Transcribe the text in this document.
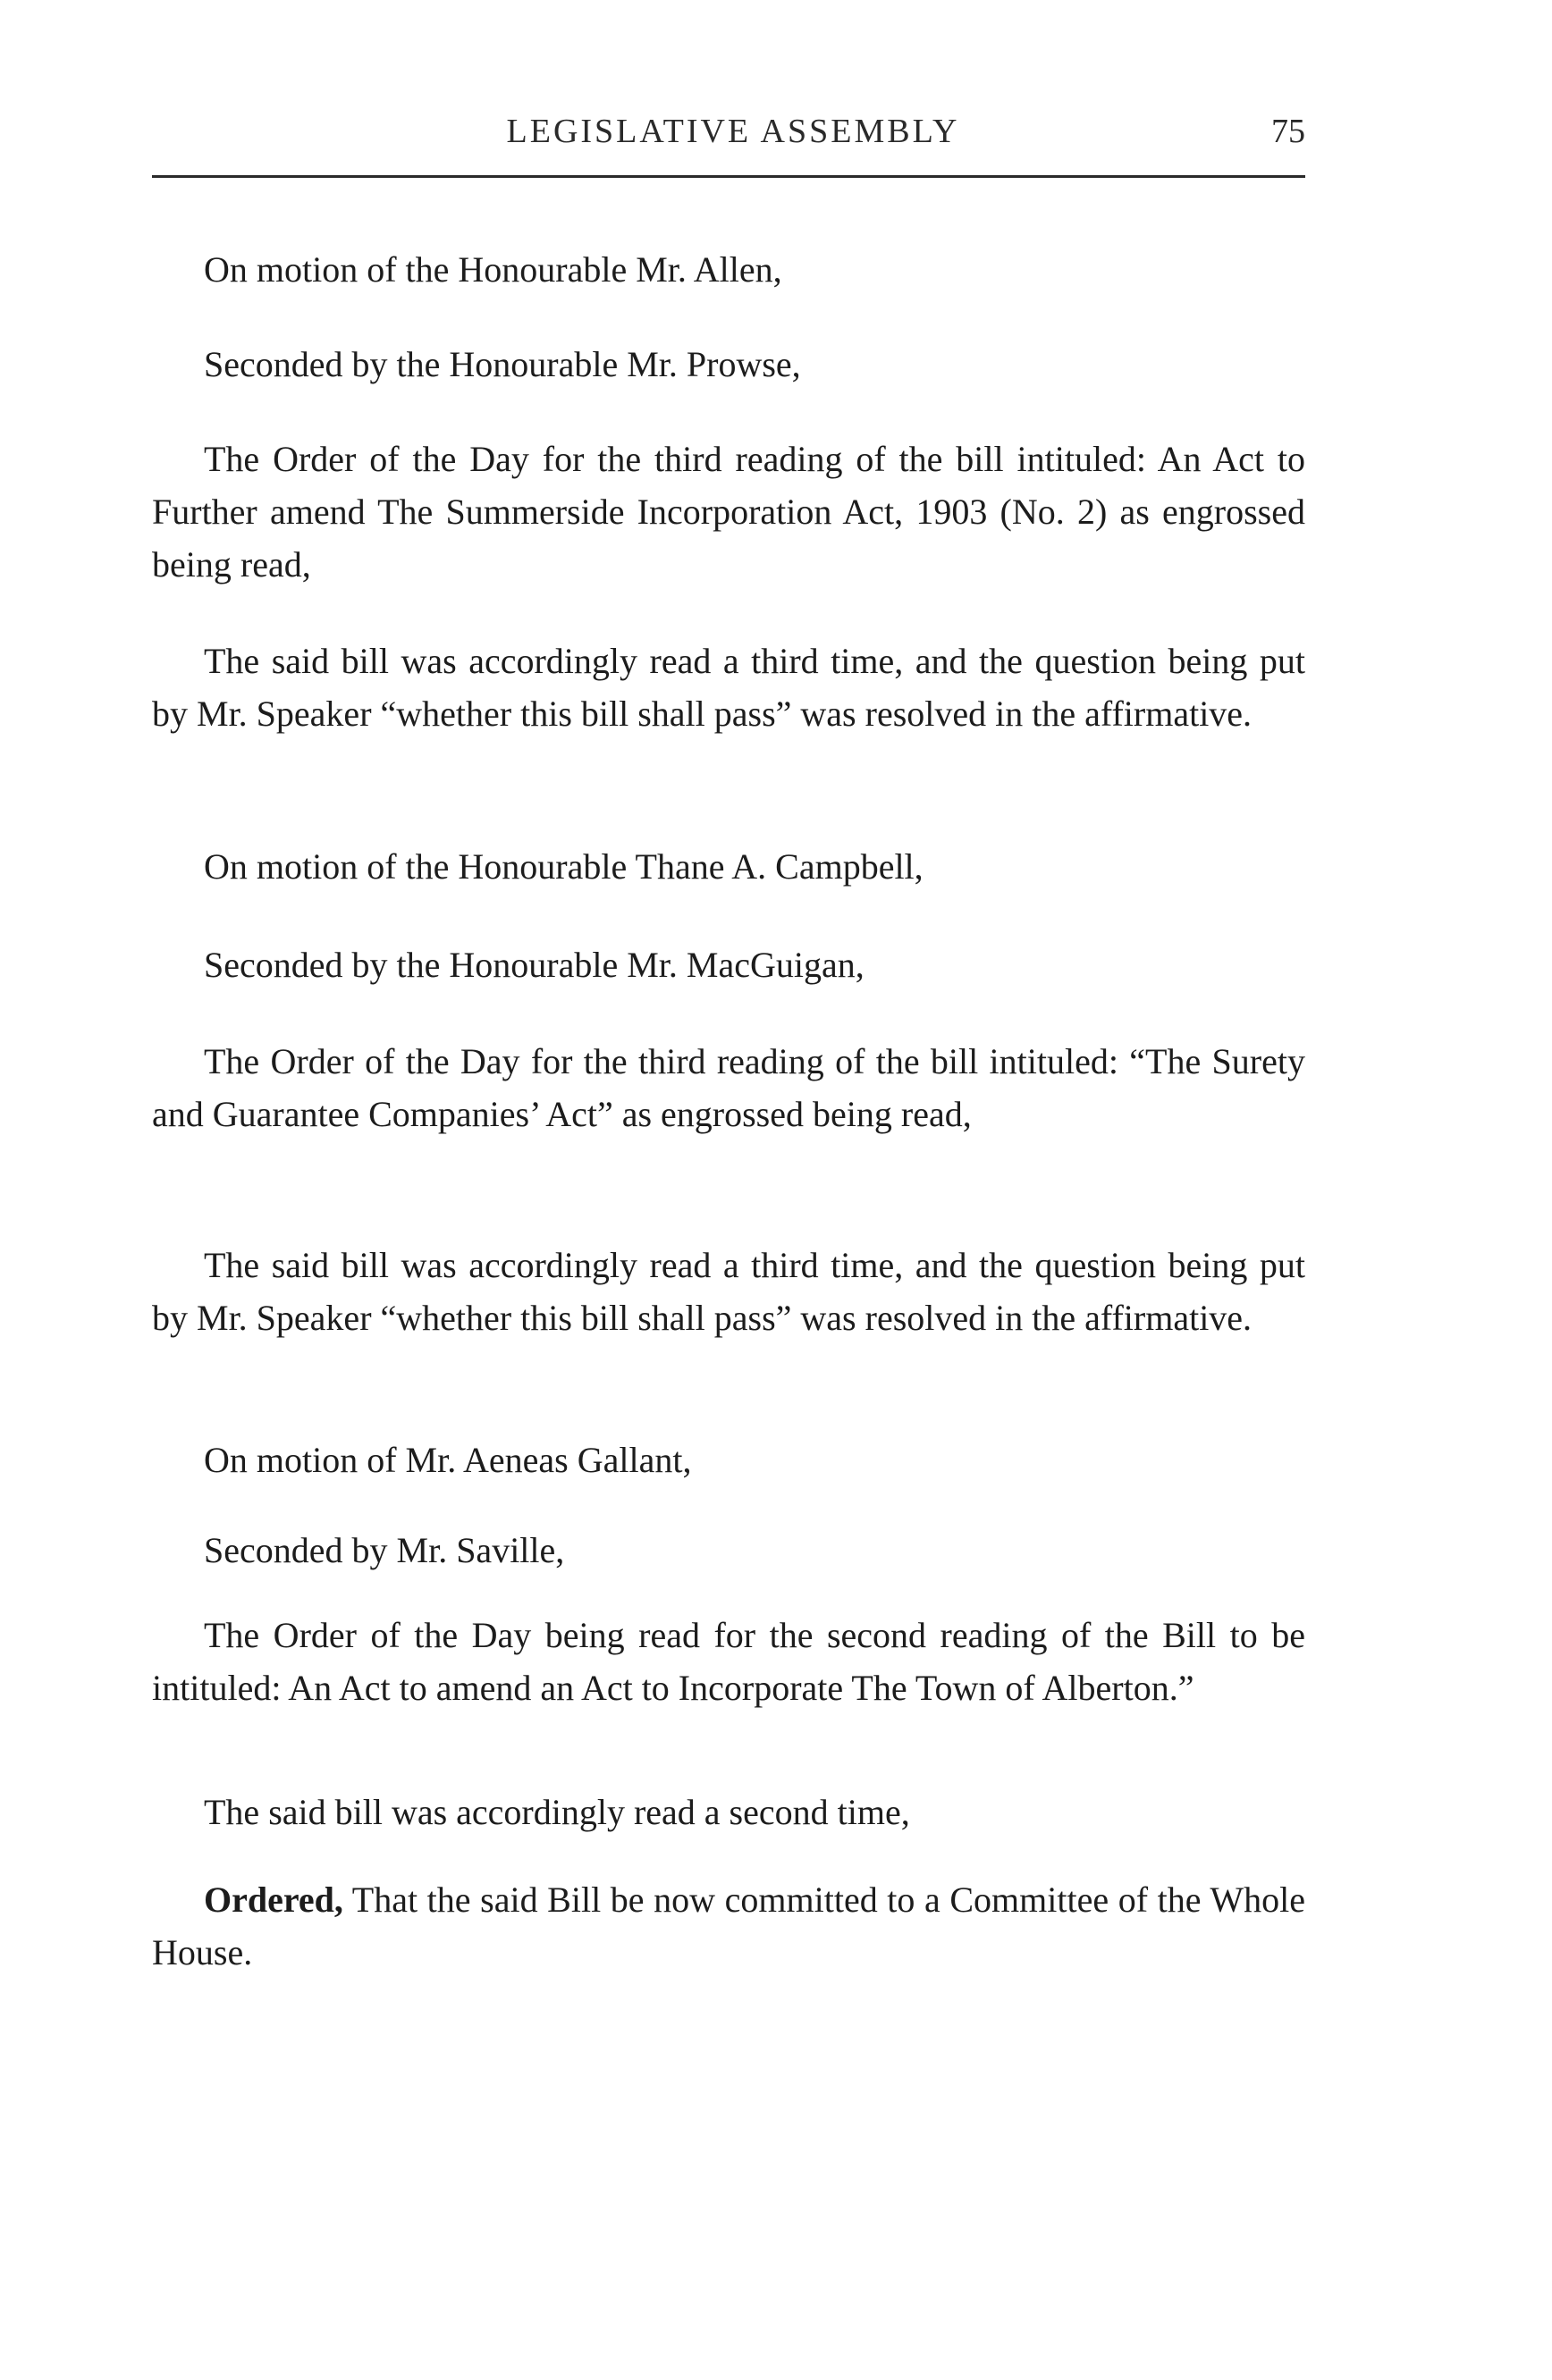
LEGISLATIVE ASSEMBLY	75

On motion of the Honourable Mr. Allen,

Seconded by the Honourable Mr. Prowse,

The Order of the Day for the third reading of the bill intituled: An Act to Further amend The Summerside Incorporation Act, 1903 (No. 2) as engrossed being read,

The said bill was accordingly read a third time, and the question being put by Mr. Speaker “whether this bill shall pass” was resolved in the affirmative.

On motion of the Honourable Thane A. Campbell,

Seconded by the Honourable Mr. MacGuigan,

The Order of the Day for the third reading of the bill intituled: “The Surety and Guarantee Companies’ Act” as engrossed being read,

The said bill was accordingly read a third time, and the question being put by Mr. Speaker “whether this bill shall pass” was resolved in the affirmative.

On motion of Mr. Aeneas Gallant,

Seconded by Mr. Saville,

The Order of the Day being read for the second reading of the Bill to be intituled: An Act to amend an Act to Incorporate The Town of Alberton.”

The said bill was accordingly read a second time,

Ordered, That the said Bill be now committed to a Committee of the Whole House.
